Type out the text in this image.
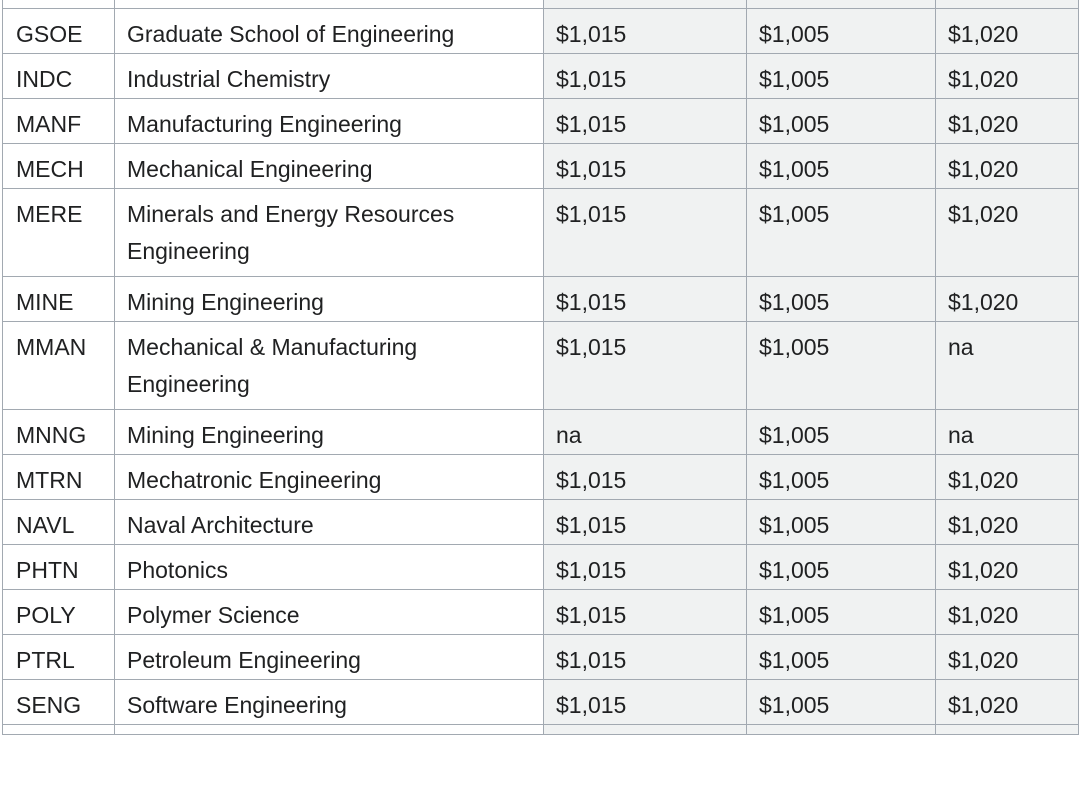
GSOE	Graduate School of Engineering	$1,015	$1,005	$1,020
INDC	Industrial Chemistry	$1,015	$1,005	$1,020
MANF	Manufacturing Engineering	$1,015	$1,005	$1,020
MECH	Mechanical Engineering	$1,015	$1,005	$1,020
MERE	Minerals and Energy Resources Engineering	$1,015	$1,005	$1,020
MINE	Mining Engineering	$1,015	$1,005	$1,020
MMAN	Mechanical & Manufacturing Engineering	$1,015	$1,005	na
MNNG	Mining Engineering	na	$1,005	na
MTRN	Mechatronic Engineering	$1,015	$1,005	$1,020
NAVL	Naval Architecture	$1,015	$1,005	$1,020
PHTN	Photonics	$1,015	$1,005	$1,020
POLY	Polymer Science	$1,015	$1,005	$1,020
PTRL	Petroleum Engineering	$1,015	$1,005	$1,020
SENG	Software Engineering	$1,015	$1,005	$1,020
